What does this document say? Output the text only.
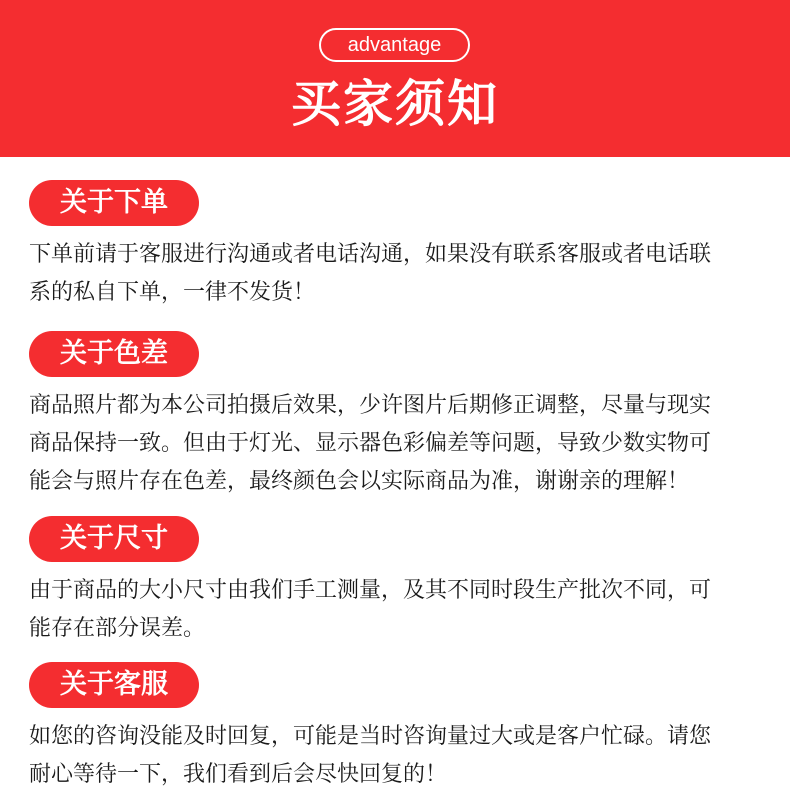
advantage
买家须知
关于下单
下单前请于客服进行沟通或者电话沟通，如果没有联系客服或者电话联
系的私自下单，一律不发货！
关于色差
商品照片都为本公司拍摄后效果，少许图片后期修正调整，尽量与现实
商品保持一致。但由于灯光、显示器色彩偏差等问题，导致少数实物可
能会与照片存在色差，最终颜色会以实际商品为准，谢谢亲的理解！
关于尺寸
由于商品的大小尺寸由我们手工测量，及其不同时段生产批次不同，可
能存在部分误差。
关于客服
如您的咨询没能及时回复，可能是当时咨询量过大或是客户忙碌。请您
耐心等待一下，我们看到后会尽快回复的！
